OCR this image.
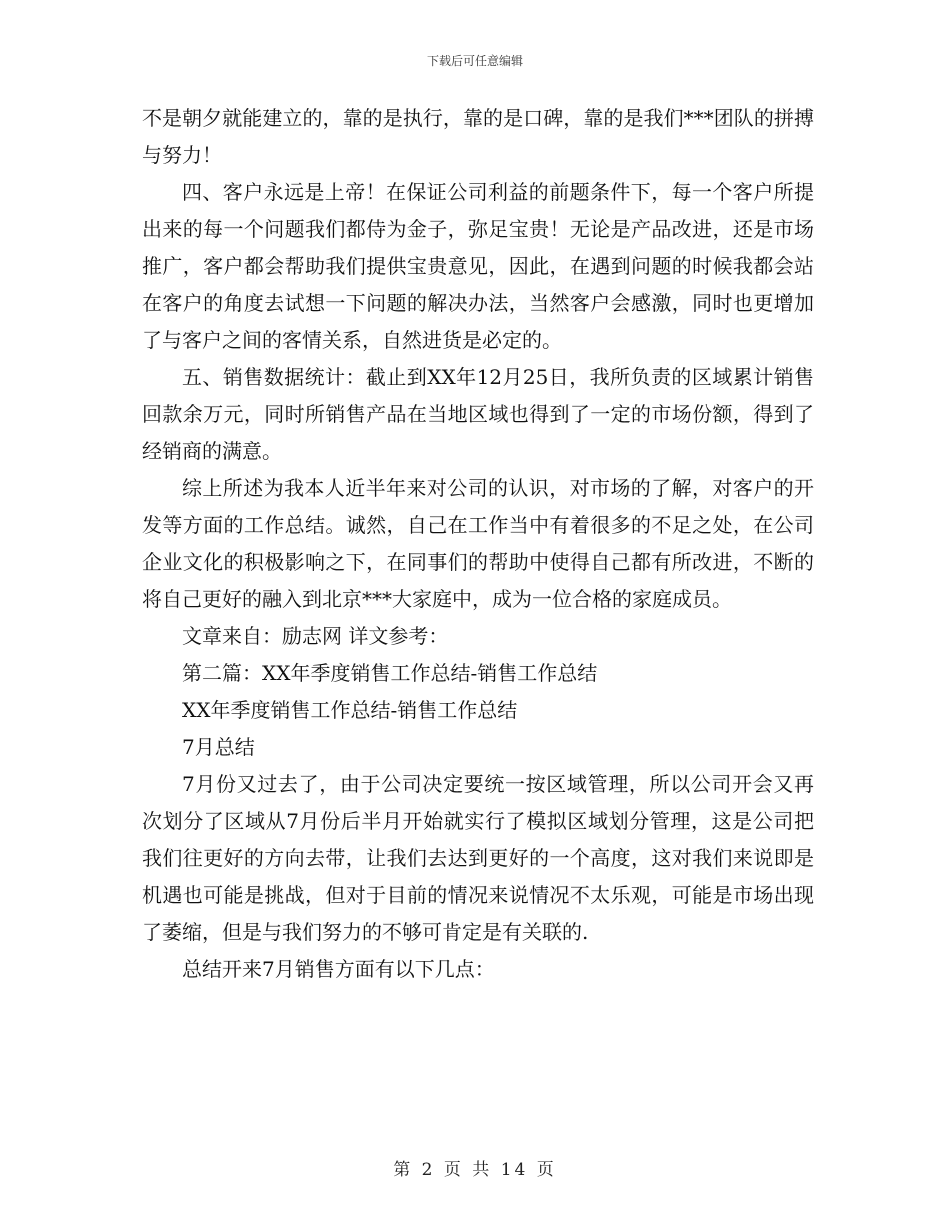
下载后可任意编辑

不是朝夕就能建立的，靠的是执行，靠的是口碑，靠的是我们***团队的拼搏与努力！

四、客户永远是上帝！在保证公司利益的前题条件下，每一个客户所提出来的每一个问题我们都侍为金子，弥足宝贵！无论是产品改进，还是市场推广，客户都会帮助我们提供宝贵意见，因此，在遇到问题的时候我都会站在客户的角度去试想一下问题的解决办法，当然客户会感激，同时也更增加了与客户之间的客情关系，自然进货是必定的。

五、销售数据统计：截止到XX年12月25日，我所负责的区域累计销售回款余万元，同时所销售产品在当地区域也得到了一定的市场份额，得到了经销商的满意。

综上所述为我本人近半年来对公司的认识，对市场的了解，对客户的开发等方面的工作总结。诚然，自己在工作当中有着很多的不足之处，在公司企业文化的积极影响之下，在同事们的帮助中使得自己都有所改进，不断的将自己更好的融入到北京***大家庭中，成为一位合格的家庭成员。

文章来自：励志网 详文参考：

第二篇：XX年季度销售工作总结-销售工作总结

XX年季度销售工作总结-销售工作总结

7月总结

7月份又过去了，由于公司决定要统一按区域管理，所以公司开会又再次划分了区域从7月份后半月开始就实行了模拟区域划分管理，这是公司把我们往更好的方向去带，让我们去达到更好的一个高度，这对我们来说即是机遇也可能是挑战，但对于目前的情况来说情况不太乐观，可能是市场出现了萎缩，但是与我们努力的不够可肯定是有关联的.

总结开来7月销售方面有以下几点：

第 2 页 共 14 页
